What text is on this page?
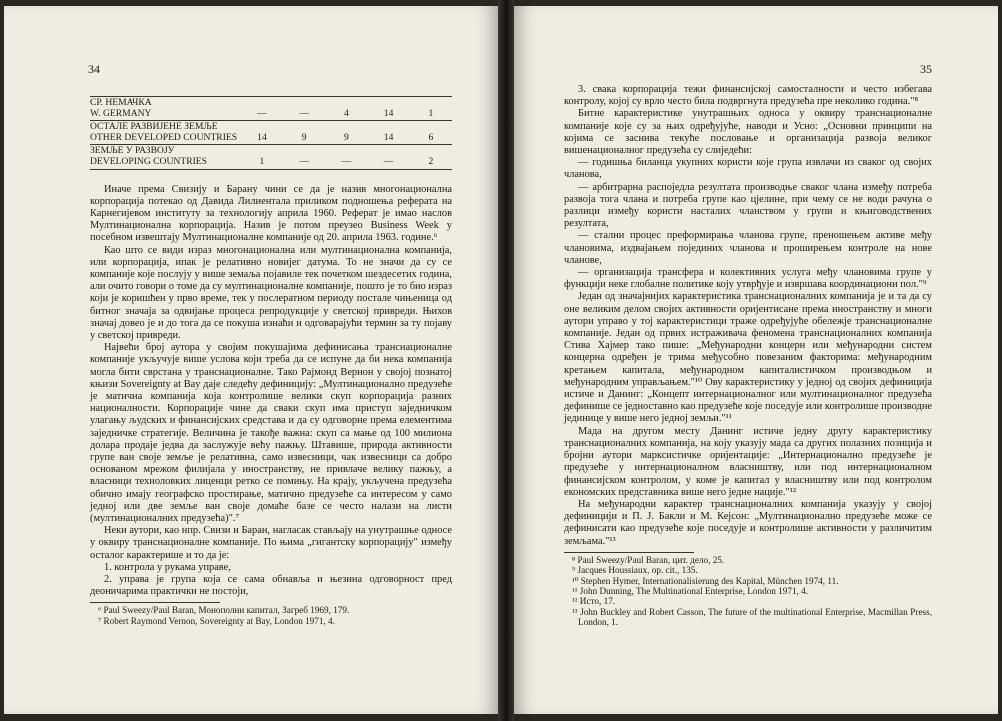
34
СР. НЕМАЧКА
W. GERMANY	—	—	4	14	1

ОСТАЛЕ РАЗВИЈЕНЕ ЗЕМЉЕ
OTHER DEVELOPED COUNTRIES	14	9	9	14	6

ЗЕМЉЕ У РАЗВОЈУ
DEVELOPING COUNTRIES	1	—	—	—	2

Иначе према Свизију и Барану чини се да је назив многонационална корпорација потекао од Давида Лилиентала приликом подношења реферата на Карнегијевом институту за технологију априла 1960. Реферат је имао наслов Мултинационална корпорација. Назив је потом преузео Business Week у посебном извештају Мултинационалне компаније од 20. априла 1963. године.⁶

Као што се види израз многонационална или мултинационална компанија, или корпорација, ипак је релативно новијег датума. То не значи да су се компаније које послују у више земаља појавиле тек почетком шездесетих година, али очито говори о томе да су мултинационалне компаније, пошто је то био израз који је коришћен у прво време, тек у послератном периоду постале чињеница од битног значаја за одвијање процеса репродукције у светској привреди. Њихов значај довео је и до тога да се покуша изнаћи и одговарајући термин за ту појаву у светској привреди.

Највећи број аутора у својим покушајима дефинисања транснационалне компаније укључује више услова који треба да се испуне да би нека компанија могла бити сврстана у транснационалне. Тако Рајмонд Вернон у својој познатој књизи Sovereignty at Bay даје следећу дефиницију: „Мултинационално предузеће је матична компанија која контролише велики скуп корпорација разних националности. Корпорације чине да сваки скуп има приступ заједничком улагању људских и финансијских средстава и да су одговорне према елементима заједничке стратегије. Величина је такође важна: скуп са мање од 100 милиона долара продаје једва да заслужује већу пажњу. Штавише, природа активности групе ван своје земље је релативна, само извесници, чак извесници са добро основаном мрежом филијала у иностранству, не привлаче велику пажњу, а власници техноловких лиценци ретко се помињу. На крају, укључена предузећа обично имају географско простирање, матично предузеће са интересом у само једној или две земље ван своје домаће базе се често налази на листи (мултинационалних предузећа)".⁷

Неки аутори, као нпр. Свизи и Баран, нагласак стављају на унутрашње односе у оквиру транснационалне компаније. По њима „гигантску корпорацију" између осталог карактерише и то да је:

1. контрола у рукама управе,

2. управа је група која се сама обнавља и њезина одговорност пред деоничарима практички не постоји,

⁶ Paul Sweezy/Paul Baran, Монополни капитал, Загреб 1969, 179.

⁷ Robert Raymond Vernon, Sovereignty at Bay, London 1971, 4.

35

3. свака корпорација тежи финансијској самосталности и често избегава контролу, којој су врло често била подвргнута предузећа пре неколико година."⁸

Битне карактеристике унутрашњих односа у оквиру транснационалне компаније које су за њих одређујуће, наводи и Усно: „Основни принципи на којима се заснива текуће пословање и организација развоја великог вишенационалног предузећа су слиједећи:

— годишња биланца укупних користи које група извлачи из сваког од својих чланова,

— арбитрарна распоједла резултата производње сваког члана између потреба развоја тога члана и потреба групе као цјелине, при чему се не води рачуна о разлици између користи насталих чланством у групи и књиговодствених резултата,

— стални процес преформирања чланова групе, преношењем активе међу члановима, издвајањем појединих чланова и проширењем контроле на нове чланове,

— организација трансфера и колективних услуга међу члановима групе у функцији неке глобалне политике коју утврђује и извршава координациони пол."⁹

Један од значајнијих карактеристика транснационалних компанија је и та да су оне великим делом својих активности оријентисане према иностранству и многи аутори управо у тој карактеристици траже одређујуће обележје транснационалне компаније. Један од првих истраживача феномена транснационалних компанија Стива Хајмер тако пише: „Међународни концерн или међународни систем концерна одређен је трима међусобно повезаним факторима: међународним кретањем капитала, међународном капиталистичком производњом и међународним управљањем."¹⁰ Ову карактеристику у једној од својих дефиниција истиче и Данинг: „Концепт интернационалног или мултинационалног предузећа дефинише се једноставно као предузеће које поседује или контролише производне јединице у више него једној земљи."¹¹

Мада на другом месту Данинг истиче једну другу карактеристику транснационалних компанија, на коју указују мада са других полазних позиција и бројни аутори марксистичке оријентације: „Интернационално предузеће је предузеће у интернационалном власништву, или под интернационалном финансијском контролом, у коме је капитал у власништву или под контролом економских представника више него једне нације."¹²

На међународни карактер транснационалних компанија указују у својој дефиницији и П. Ј. Бакли и М. Кејсон: „Мултинационално предузеће може се дефинисати као предузеће које поседује и контролише активности у различитим земљама."¹³

⁸ Paul Sweezy/Paul Baran, цит. дело, 25.

⁹ Jacques Houssiaux, op. cit., 135.

¹⁰ Stephen Hymer, Internationalisierung des Kapital, München 1974, 11.

¹¹ John Dunning, The Multinational Enterprise, London 1971, 4.

¹² Исто, 17.

¹³ John Buckley and Robert Casson, The future of the multinational Enterprise, Macmillan Press, London, 1.
